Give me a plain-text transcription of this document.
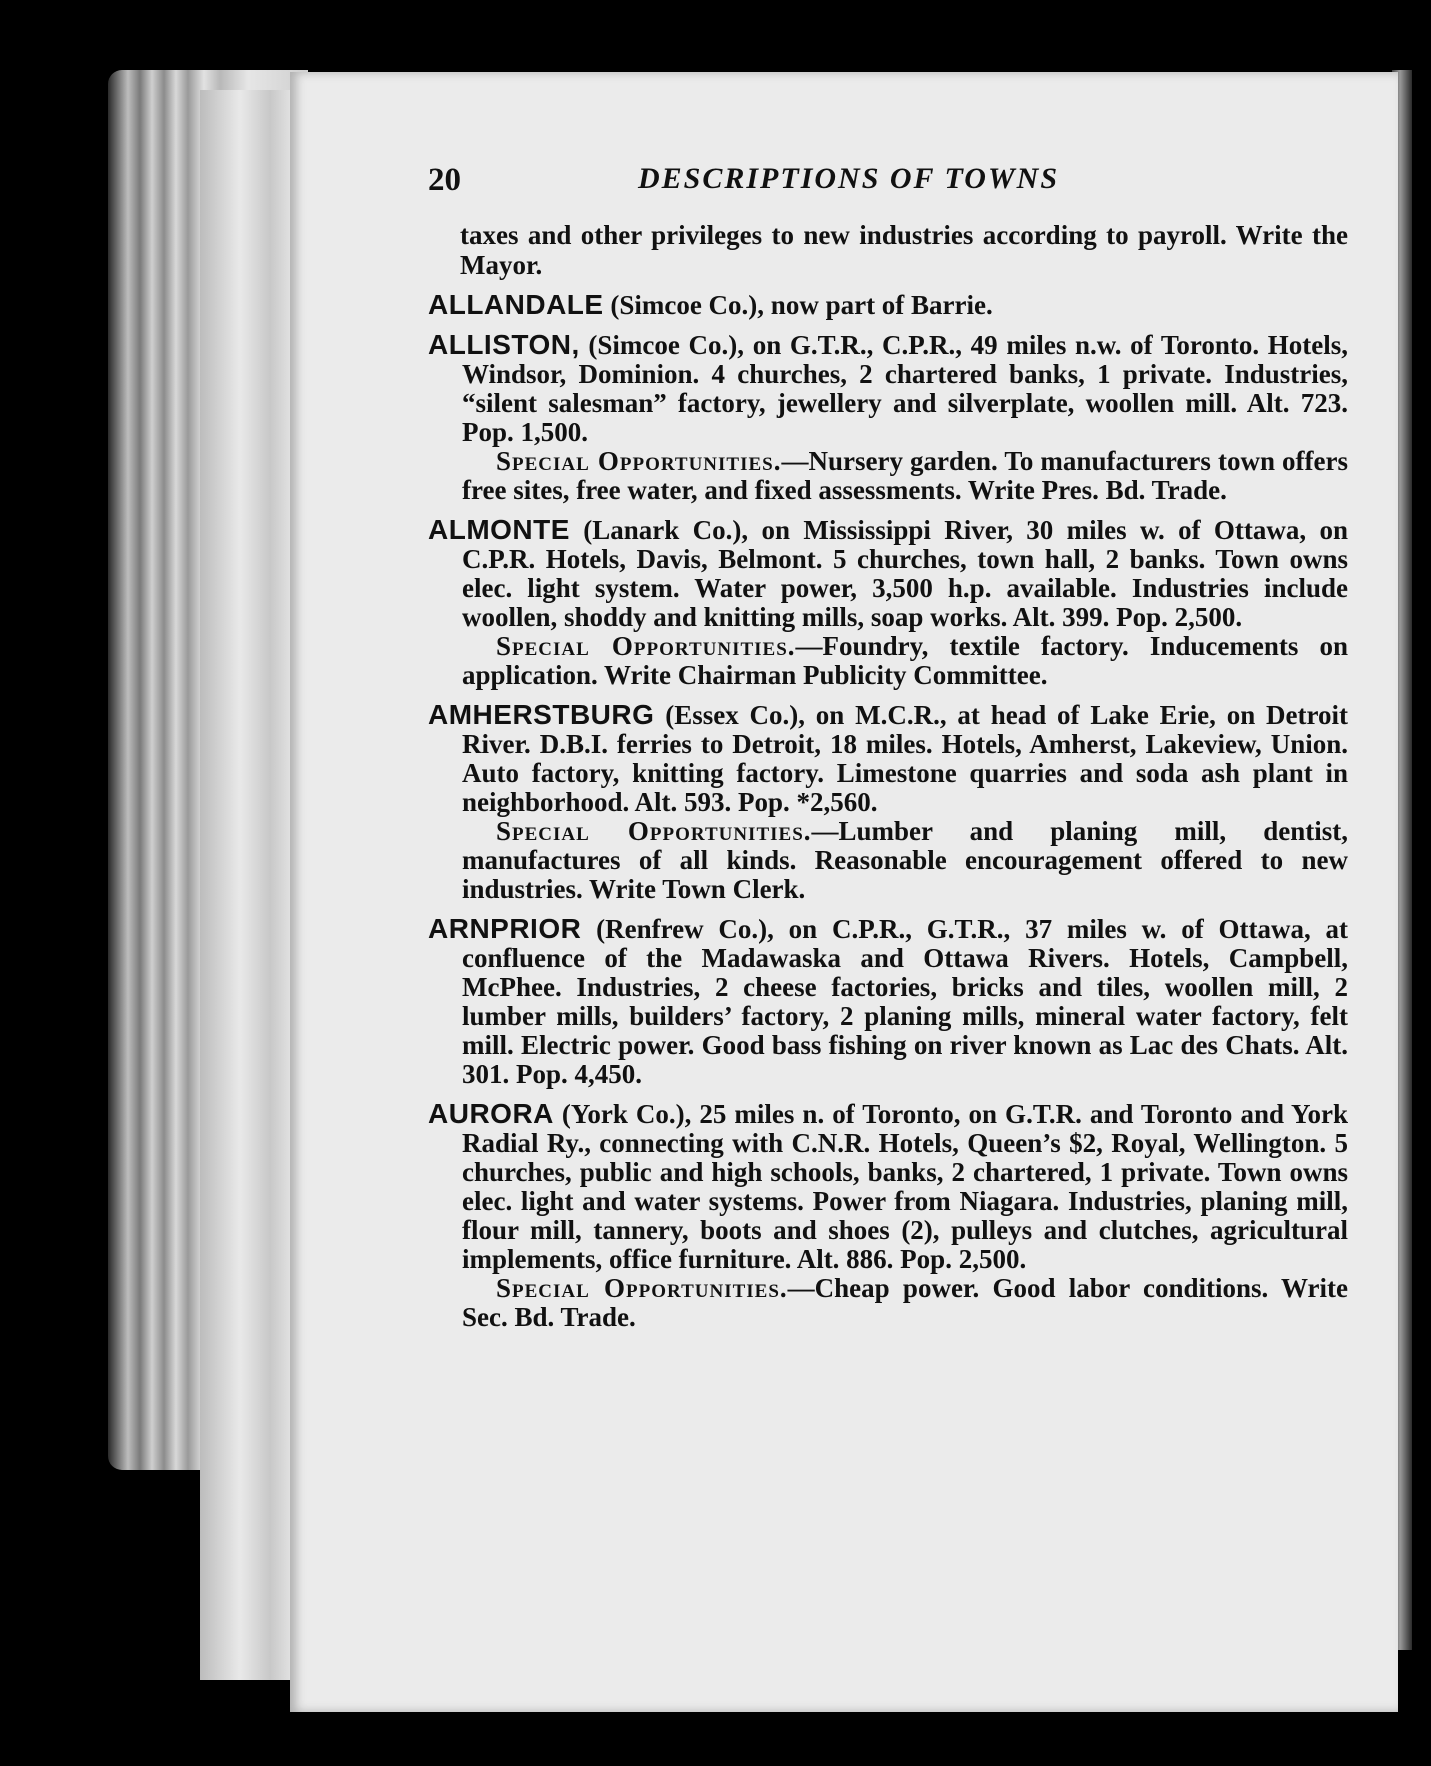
20	DESCRIPTIONS OF TOWNS
taxes and other privileges to new industries according to payroll. Write the Mayor.
ALLANDALE (Simcoe Co.), now part of Barrie.
ALLISTON, (Simcoe Co.), on G.T.R., C.P.R., 49 miles n.w. of Toronto. Hotels, Windsor, Dominion. 4 churches, 2 chartered banks, 1 private. Industries, “silent salesman” factory, jewellery and silverplate, woollen mill. Alt. 723. Pop. 1,500.
Special Opportunities.—Nursery garden. To manufacturers town offers free sites, free water, and fixed assessments. Write Pres. Bd. Trade.
ALMONTE (Lanark Co.), on Mississippi River, 30 miles w. of Ottawa, on C.P.R. Hotels, Davis, Belmont. 5 churches, town hall, 2 banks. Town owns elec. light system. Water power, 3,500 h.p. available. Industries include woollen, shoddy and knitting mills, soap works. Alt. 399. Pop. 2,500.
Special Opportunities.—Foundry, textile factory. Inducements on application. Write Chairman Publicity Committee.
AMHERSTBURG (Essex Co.), on M.C.R., at head of Lake Erie, on Detroit River. D.B.I. ferries to Detroit, 18 miles. Hotels, Amherst, Lakeview, Union. Auto factory, knitting factory. Limestone quarries and soda ash plant in neighborhood. Alt. 593. Pop. *2,560.
Special Opportunities.—Lumber and planing mill, dentist, manufactures of all kinds. Reasonable encouragement offered to new industries. Write Town Clerk.
ARNPRIOR (Renfrew Co.), on C.P.R., G.T.R., 37 miles w. of Ottawa, at confluence of the Madawaska and Ottawa Rivers. Hotels, Campbell, McPhee. Industries, 2 cheese factories, bricks and tiles, woollen mill, 2 lumber mills, builders’ factory, 2 planing mills, mineral water factory, felt mill. Electric power. Good bass fishing on river known as Lac des Chats. Alt. 301. Pop. 4,450.
AURORA (York Co.), 25 miles n. of Toronto, on G.T.R. and Toronto and York Radial Ry., connecting with C.N.R. Hotels, Queen’s $2, Royal, Wellington. 5 churches, public and high schools, banks, 2 chartered, 1 private. Town owns elec. light and water systems. Power from Niagara. Industries, planing mill, flour mill, tannery, boots and shoes (2), pulleys and clutches, agricultural implements, office furniture. Alt. 886. Pop. 2,500.
Special Opportunities.—Cheap power. Good labor conditions. Write Sec. Bd. Trade.
